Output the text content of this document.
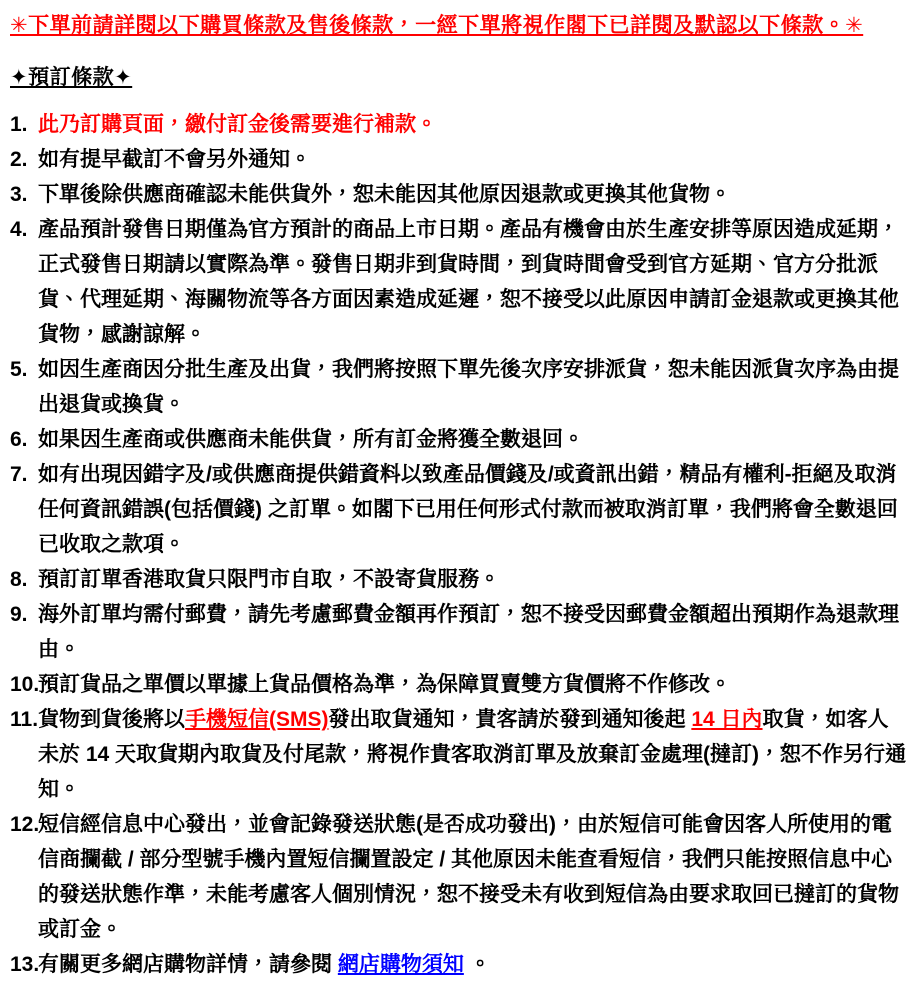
✳下單前請詳閱以下購買條款及售後條款，一經下單將視作閣下已詳閱及默認以下條款。✳
✦預訂條款✦
1. 此乃訂購頁面，繳付訂金後需要進行補款。
2. 如有提早截訂不會另外通知。
3. 下單後除供應商確認未能供貨外，恕未能因其他原因退款或更換其他貨物。
4. 產品預計發售日期僅為官方預計的商品上市日期。產品有機會由於生產安排等原因造成延期，正式發售日期請以實際為準。發售日期非到貨時間，到貨時間會受到官方延期、官方分批派貨、代理延期、海關物流等各方面因素造成延遲，恕不接受以此原因申請訂金退款或更換其他貨物，感謝諒解。
5. 如因生產商因分批生產及出貨，我們將按照下單先後次序安排派貨，恕未能因派貨次序為由提出退貨或換貨。
6. 如果因生產商或供應商未能供貨，所有訂金將獲全數退回。
7. 如有出現因錯字及/或供應商提供錯資料以致產品價錢及/或資訊出錯，精品有權利-拒絕及取消任何資訊錯誤(包括價錢) 之訂單。如閣下已用任何形式付款而被取消訂單，我們將會全數退回已收取之款項。
8. 預訂訂單香港取貨只限門市自取，不設寄貨服務。
9. 海外訂單均需付郵費，請先考慮郵費金額再作預訂，恕不接受因郵費金額超出預期作為退款理由。
10.
預訂貨品之單價以單據上貨品價格為準，為保障買賣雙方貨價將不作修改。
11. 貨物到貨後將以手機短信(SMS)發出取貨通知，貴客請於發到通知後起 14 日內取貨，如客人未於 14 天取貨期內取貨及付尾款，將視作貴客取消訂單及放棄訂金處理(撻訂)，恕不作另行通知。
12.
短信經信息中心發出，並會記錄發送狀態(是否成功發出)，由於短信可能會因客人所使用的電信商攔截 / 部分型號手機內置短信攔置設定 / 其他原因未能查看短信，我們只能按照信息中心的發送狀態作準，未能考慮客人個別情況，恕不接受未有收到短信為由要求取回已撻訂的貨物或訂金。
13.
有關更多網店購物詳情，請參閱 網店購物須知 。
